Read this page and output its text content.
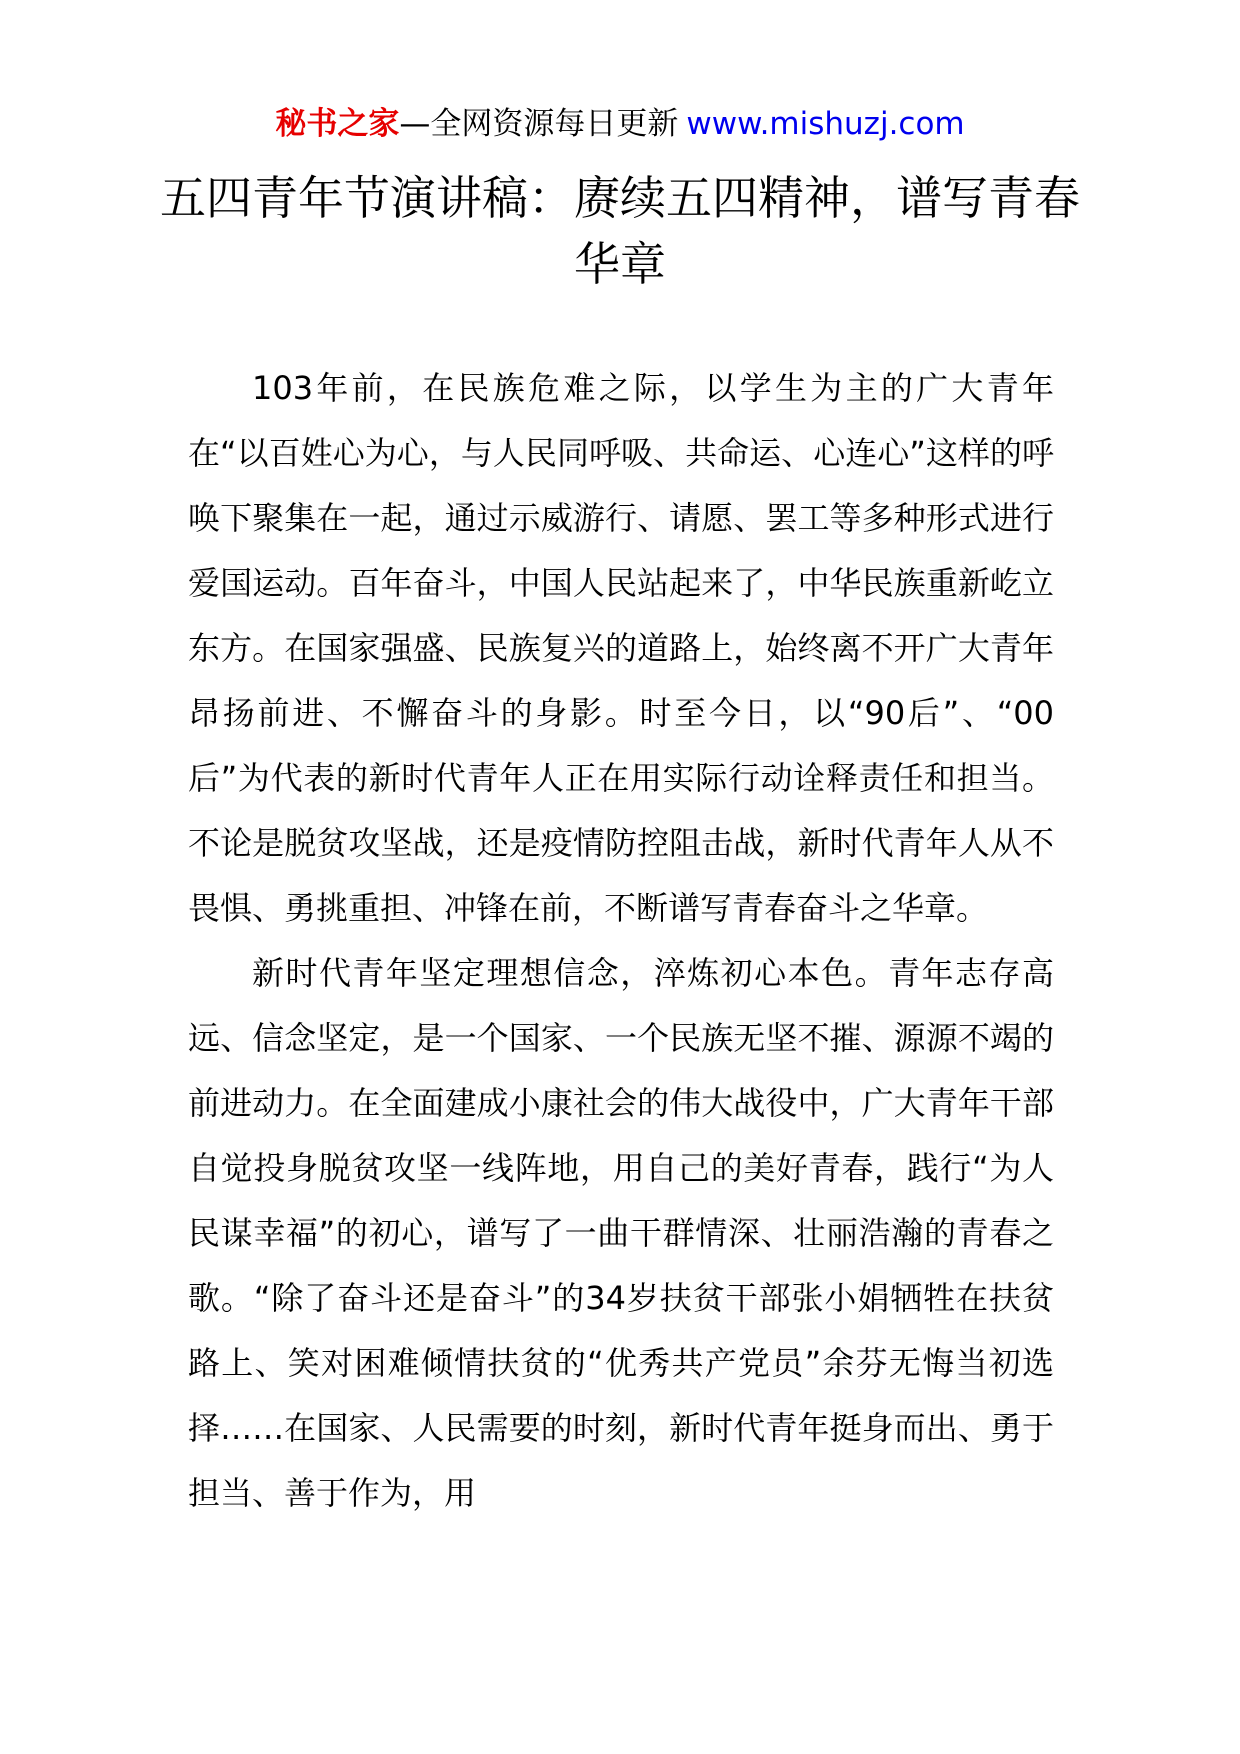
秘书之家—全网资源每日更新 www.mishuzj.com
五四青年节演讲稿：赓续五四精神，谱写青春华章

103年前，在民族危难之际，以学生为主的广大青年在“以百姓心为心，与人民同呼吸、共命运、心连心”这样的呼唤下聚集在一起，通过示威游行、请愿、罢工等多种形式进行爱国运动。百年奋斗，中国人民站起来了，中华民族重新屹立东方。在国家强盛、民族复兴的道路上，始终离不开广大青年昂扬前进、不懈奋斗的身影。时至今日，以“90后”、“00后”为代表的新时代青年人正在用实际行动诠释责任和担当。不论是脱贫攻坚战，还是疫情防控阻击战，新时代青年人从不畏惧、勇挑重担、冲锋在前，不断谱写青春奋斗之华章。

新时代青年坚定理想信念，淬炼初心本色。青年志存高远、信念坚定，是一个国家、一个民族无坚不摧、源源不竭的前进动力。在全面建成小康社会的伟大战役中，广大青年干部自觉投身脱贫攻坚一线阵地，用自己的美好青春，践行“为人民谋幸福”的初心，谱写了一曲干群情深、壮丽浩瀚的青春之歌。“除了奋斗还是奋斗”的34岁扶贫干部张小娟牺牲在扶贫路上、笑对困难倾情扶贫的“优秀共产党员”余芬无悔当初选择……在国家、人民需要的时刻，新时代青年挺身而出、勇于担当、善于作为，用
